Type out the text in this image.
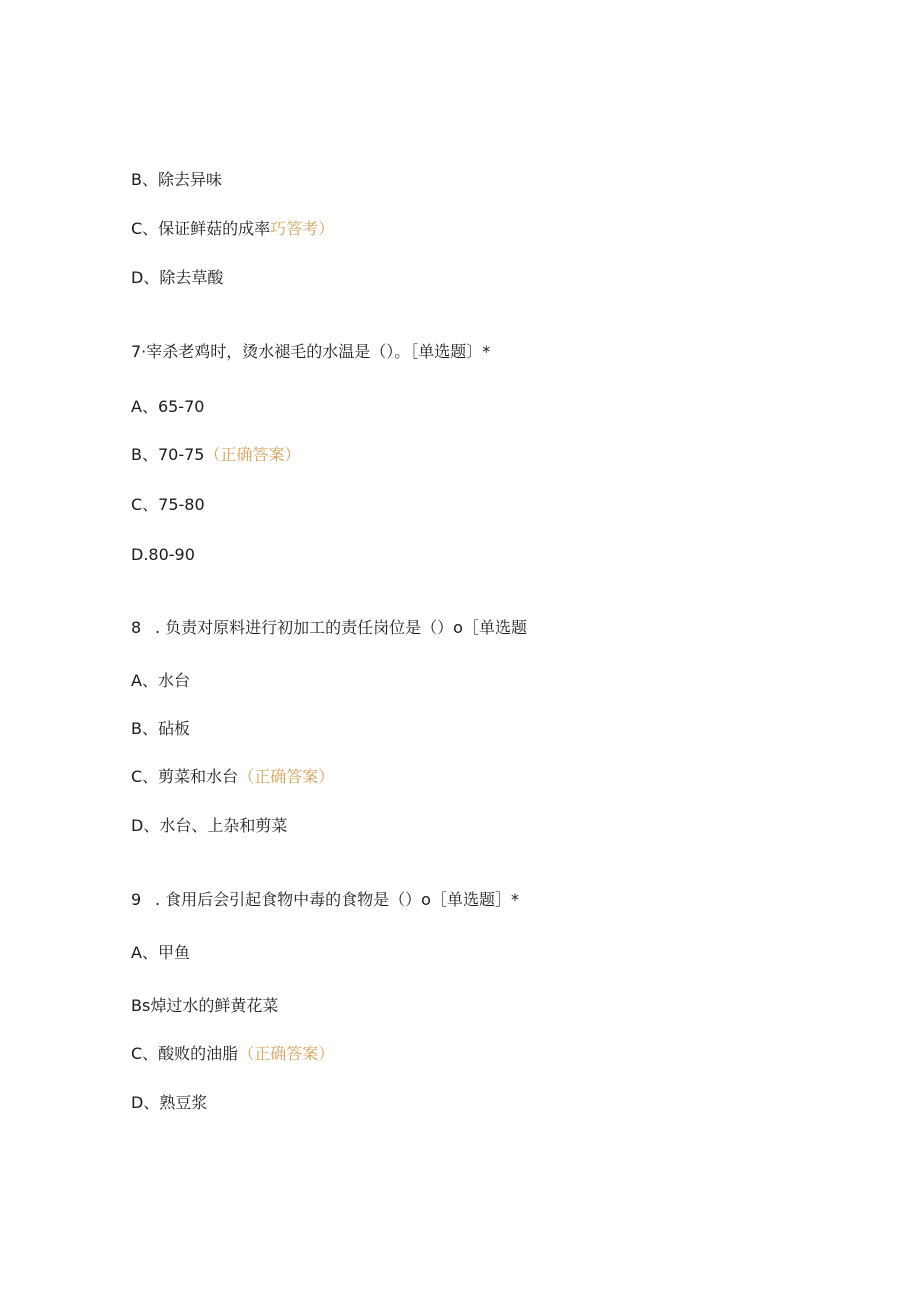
B、除去异味
C、保证鲜菇的成率巧答考）
D、除去草酸
7·宰杀老鸡时，烫水褪毛的水温是（）。［单选题〕*
A、65-70
B、70-75（正确答案）
C、75-80
D.80-90
8 . 负责对原料进行初加工的责任岗位是（）o［单选题
A、水台
B、砧板
C、剪菜和水台（正确答案）
D、水台、上杂和剪菜
9 . 食用后会引起食物中毒的食物是（）o［单选题］*
A、甲鱼
Bs焯过水的鲜黄花菜
C、酸败的油脂（正确答案）
D、熟豆浆
